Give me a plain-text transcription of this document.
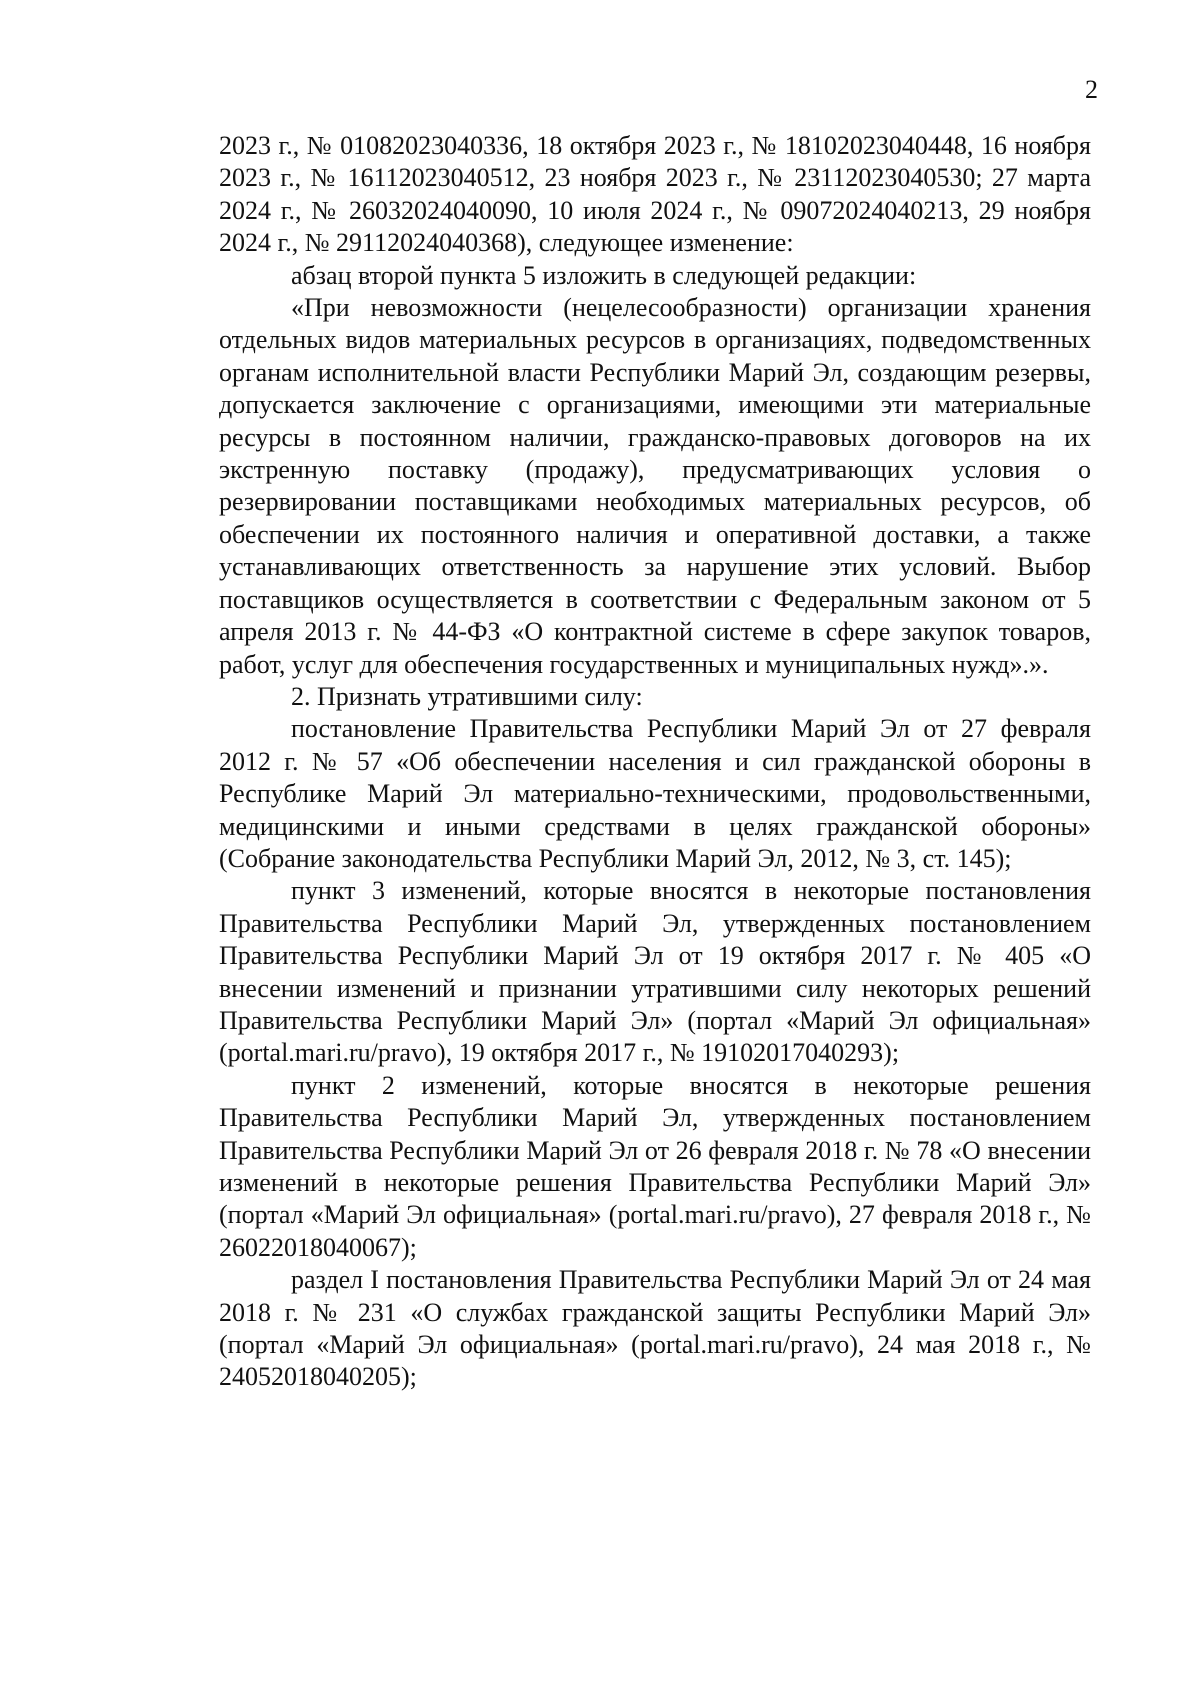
2

2023 г., № 01082023040336, 18 октября 2023 г., № 18102023040448, 16 ноября 2023 г., № 16112023040512, 23 ноября 2023 г., № 23112023040530; 27 марта 2024 г., № 26032024040090, 10 июля 2024 г., № 09072024040213, 29 ноября 2024 г., № 29112024040368), следующее изменение:

абзац второй пункта 5 изложить в следующей редакции:

«При невозможности (нецелесообразности) организации хранения отдельных видов материальных ресурсов в организациях, подведомственных органам исполнительной власти Республики Марий Эл, создающим резервы, допускается заключение с организациями, имеющими эти материальные ресурсы в постоянном наличии, гражданско-правовых договоров на их экстренную поставку (продажу), предусматривающих условия о резервировании поставщиками необходимых материальных ресурсов, об обеспечении их постоянного наличия и оперативной доставки, а также устанавливающих ответственность за нарушение этих условий. Выбор поставщиков осуществляется в соответствии с Федеральным законом от 5 апреля 2013 г. № 44-ФЗ «О контрактной системе в сфере закупок товаров, работ, услуг для обеспечения государственных и муниципальных нужд».».

2. Признать утратившими силу:

постановление Правительства Республики Марий Эл от 27 февраля 2012 г. № 57 «Об обеспечении населения и сил гражданской обороны в Республике Марий Эл материально-техническими, продовольственными, медицинскими и иными средствами в целях гражданской обороны» (Собрание законодательства Республики Марий Эл, 2012, № 3, ст. 145);

пункт 3 изменений, которые вносятся в некоторые постановления Правительства Республики Марий Эл, утвержденных постановлением Правительства Республики Марий Эл от 19 октября 2017 г. № 405 «О внесении изменений и признании утратившими силу некоторых решений Правительства Республики Марий Эл» (портал «Марий Эл официальная» (portal.mari.ru/pravo), 19 октября 2017 г., № 19102017040293);

пункт 2 изменений, которые вносятся в некоторые решения Правительства Республики Марий Эл, утвержденных постановлением Правительства Республики Марий Эл от 26 февраля 2018 г. № 78 «О внесении изменений в некоторые решения Правительства Республики Марий Эл» (портал «Марий Эл официальная» (portal.mari.ru/pravo), 27 февраля 2018 г., № 26022018040067);

раздел I постановления Правительства Республики Марий Эл от 24 мая 2018 г. № 231 «О службах гражданской защиты Республики Марий Эл» (портал «Марий Эл официальная» (portal.mari.ru/pravo), 24 мая 2018 г., № 24052018040205);
